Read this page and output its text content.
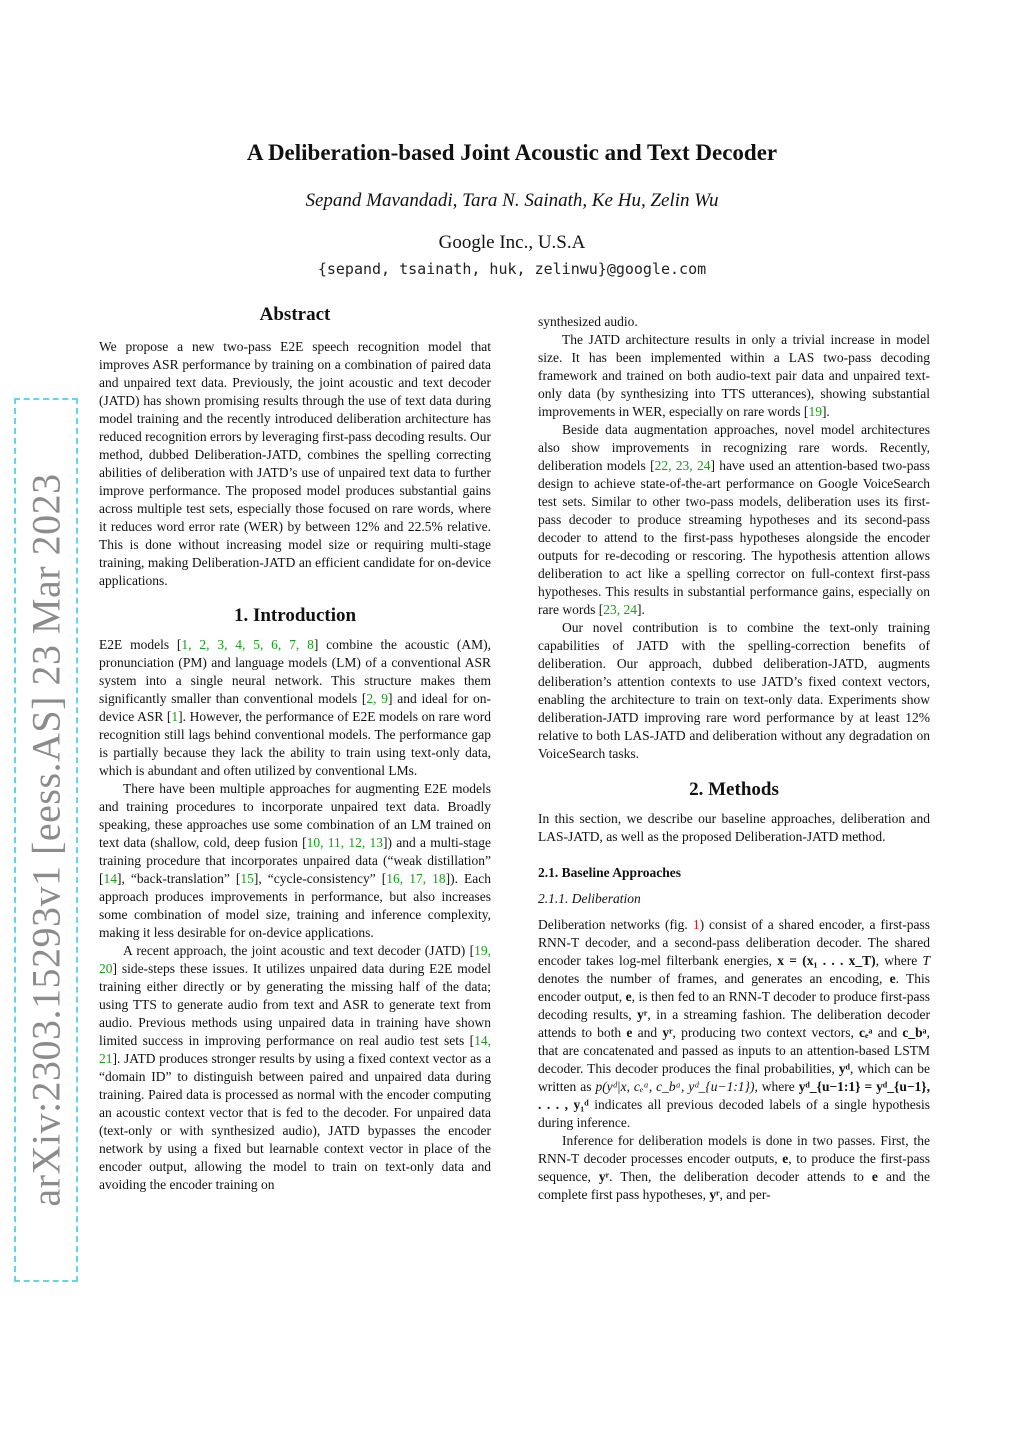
arXiv:2303.15293v1 [eess.AS] 23 Mar 2023
A Deliberation-based Joint Acoustic and Text Decoder
Sepand Mavandadi, Tara N. Sainath, Ke Hu, Zelin Wu
Google Inc., U.S.A
{sepand, tsainath, huk, zelinwu}@google.com

Abstract

We propose a new two-pass E2E speech recognition model that improves ASR performance by training on a combination of paired data and unpaired text data. Previously, the joint acoustic and text decoder (JATD) has shown promising results through the use of text data during model training and the recently introduced deliberation architecture has reduced recognition errors by leveraging first-pass decoding results. Our method, dubbed Deliberation-JATD, combines the spelling correcting abilities of deliberation with JATD’s use of unpaired text data to further improve performance. The proposed model produces substantial gains across multiple test sets, especially those focused on rare words, where it reduces word error rate (WER) by between 12% and 22.5% relative. This is done without increasing model size or requiring multi-stage training, making Deliberation-JATD an efficient candidate for on-device applications.

1. Introduction

E2E models [1, 2, 3, 4, 5, 6, 7, 8] combine the acoustic (AM), pronunciation (PM) and language models (LM) of a conventional ASR system into a single neural network. This structure makes them significantly smaller than conventional models [2, 9] and ideal for on-device ASR [1]. However, the performance of E2E models on rare word recognition still lags behind conventional models. The performance gap is partially because they lack the ability to train using text-only data, which is abundant and often utilized by conventional LMs.

There have been multiple approaches for augmenting E2E models and training procedures to incorporate unpaired text data. Broadly speaking, these approaches use some combination of an LM trained on text data (shallow, cold, deep fusion [10, 11, 12, 13]) and a multi-stage training procedure that incorporates unpaired data (“weak distillation” [14], “back-translation” [15], “cycle-consistency” [16, 17, 18]). Each approach produces improvements in performance, but also increases some combination of model size, training and inference complexity, making it less desirable for on-device applications.

A recent approach, the joint acoustic and text decoder (JATD) [19, 20] side-steps these issues. It utilizes unpaired data during E2E model training either directly or by generating the missing half of the data; using TTS to generate audio from text and ASR to generate text from audio. Previous methods using unpaired data in training have shown limited success in improving performance on real audio test sets [14, 21]. JATD produces stronger results by using a fixed context vector as a “domain ID” to distinguish between paired and unpaired data during training. Paired data is processed as normal with the encoder computing an acoustic context vector that is fed to the decoder. For unpaired data (text-only or with synthesized audio), JATD bypasses the encoder network by using a fixed but learnable context vector in place of the encoder output, allowing the model to train on text-only data and avoiding the encoder training on

synthesized audio.

The JATD architecture results in only a trivial increase in model size. It has been implemented within a LAS two-pass decoding framework and trained on both audio-text pair data and unpaired text-only data (by synthesizing into TTS utterances), showing substantial improvements in WER, especially on rare words [19].

Beside data augmentation approaches, novel model architectures also show improvements in recognizing rare words. Recently, deliberation models [22, 23, 24] have used an attention-based two-pass design to achieve state-of-the-art performance on Google VoiceSearch test sets. Similar to other two-pass models, deliberation uses its first-pass decoder to produce streaming hypotheses and its second-pass decoder to attend to the first-pass hypotheses alongside the encoder outputs for re-decoding or rescoring. The hypothesis attention allows deliberation to act like a spelling corrector on full-context first-pass hypotheses. This results in substantial performance gains, especially on rare words [23, 24].

Our novel contribution is to combine the text-only training capabilities of JATD with the spelling-correction benefits of deliberation. Our approach, dubbed deliberation-JATD, augments deliberation’s attention contexts to use JATD’s fixed context vectors, enabling the architecture to train on text-only data. Experiments show deliberation-JATD improving rare word performance by at least 12% relative to both LAS-JATD and deliberation without any degradation on VoiceSearch tasks.

2. Methods

In this section, we describe our baseline approaches, deliberation and LAS-JATD, as well as the proposed Deliberation-JATD method.

2.1. Baseline Approaches

2.1.1. Deliberation

Deliberation networks (fig. 1) consist of a shared encoder, a first-pass RNN-T decoder, and a second-pass deliberation decoder. The shared encoder takes log-mel filterbank energies, x = (x₁ . . . x_T), where T denotes the number of frames, and generates an encoding, e. This encoder output, e, is then fed to an RNN-T decoder to produce first-pass decoding results, yʳ, in a streaming fashion. The deliberation decoder attends to both e and yʳ, producing two context vectors, cₑᵃ and c_bᵃ, that are concatenated and passed as inputs to an attention-based LSTM decoder. This decoder produces the final probabilities, yᵈ, which can be written as p(yᵈ|x, cₑᵃ, c_bᵃ, yᵈ_{u−1:1}), where yᵈ_{u−1:1} = yᵈ_{u−1}, . . . , y₁ᵈ indicates all previous decoded labels of a single hypothesis during inference.

Inference for deliberation models is done in two passes. First, the RNN-T decoder processes encoder outputs, e, to produce the first-pass sequence, yʳ. Then, the deliberation decoder attends to e and the complete first pass hypotheses, yʳ, and per-
